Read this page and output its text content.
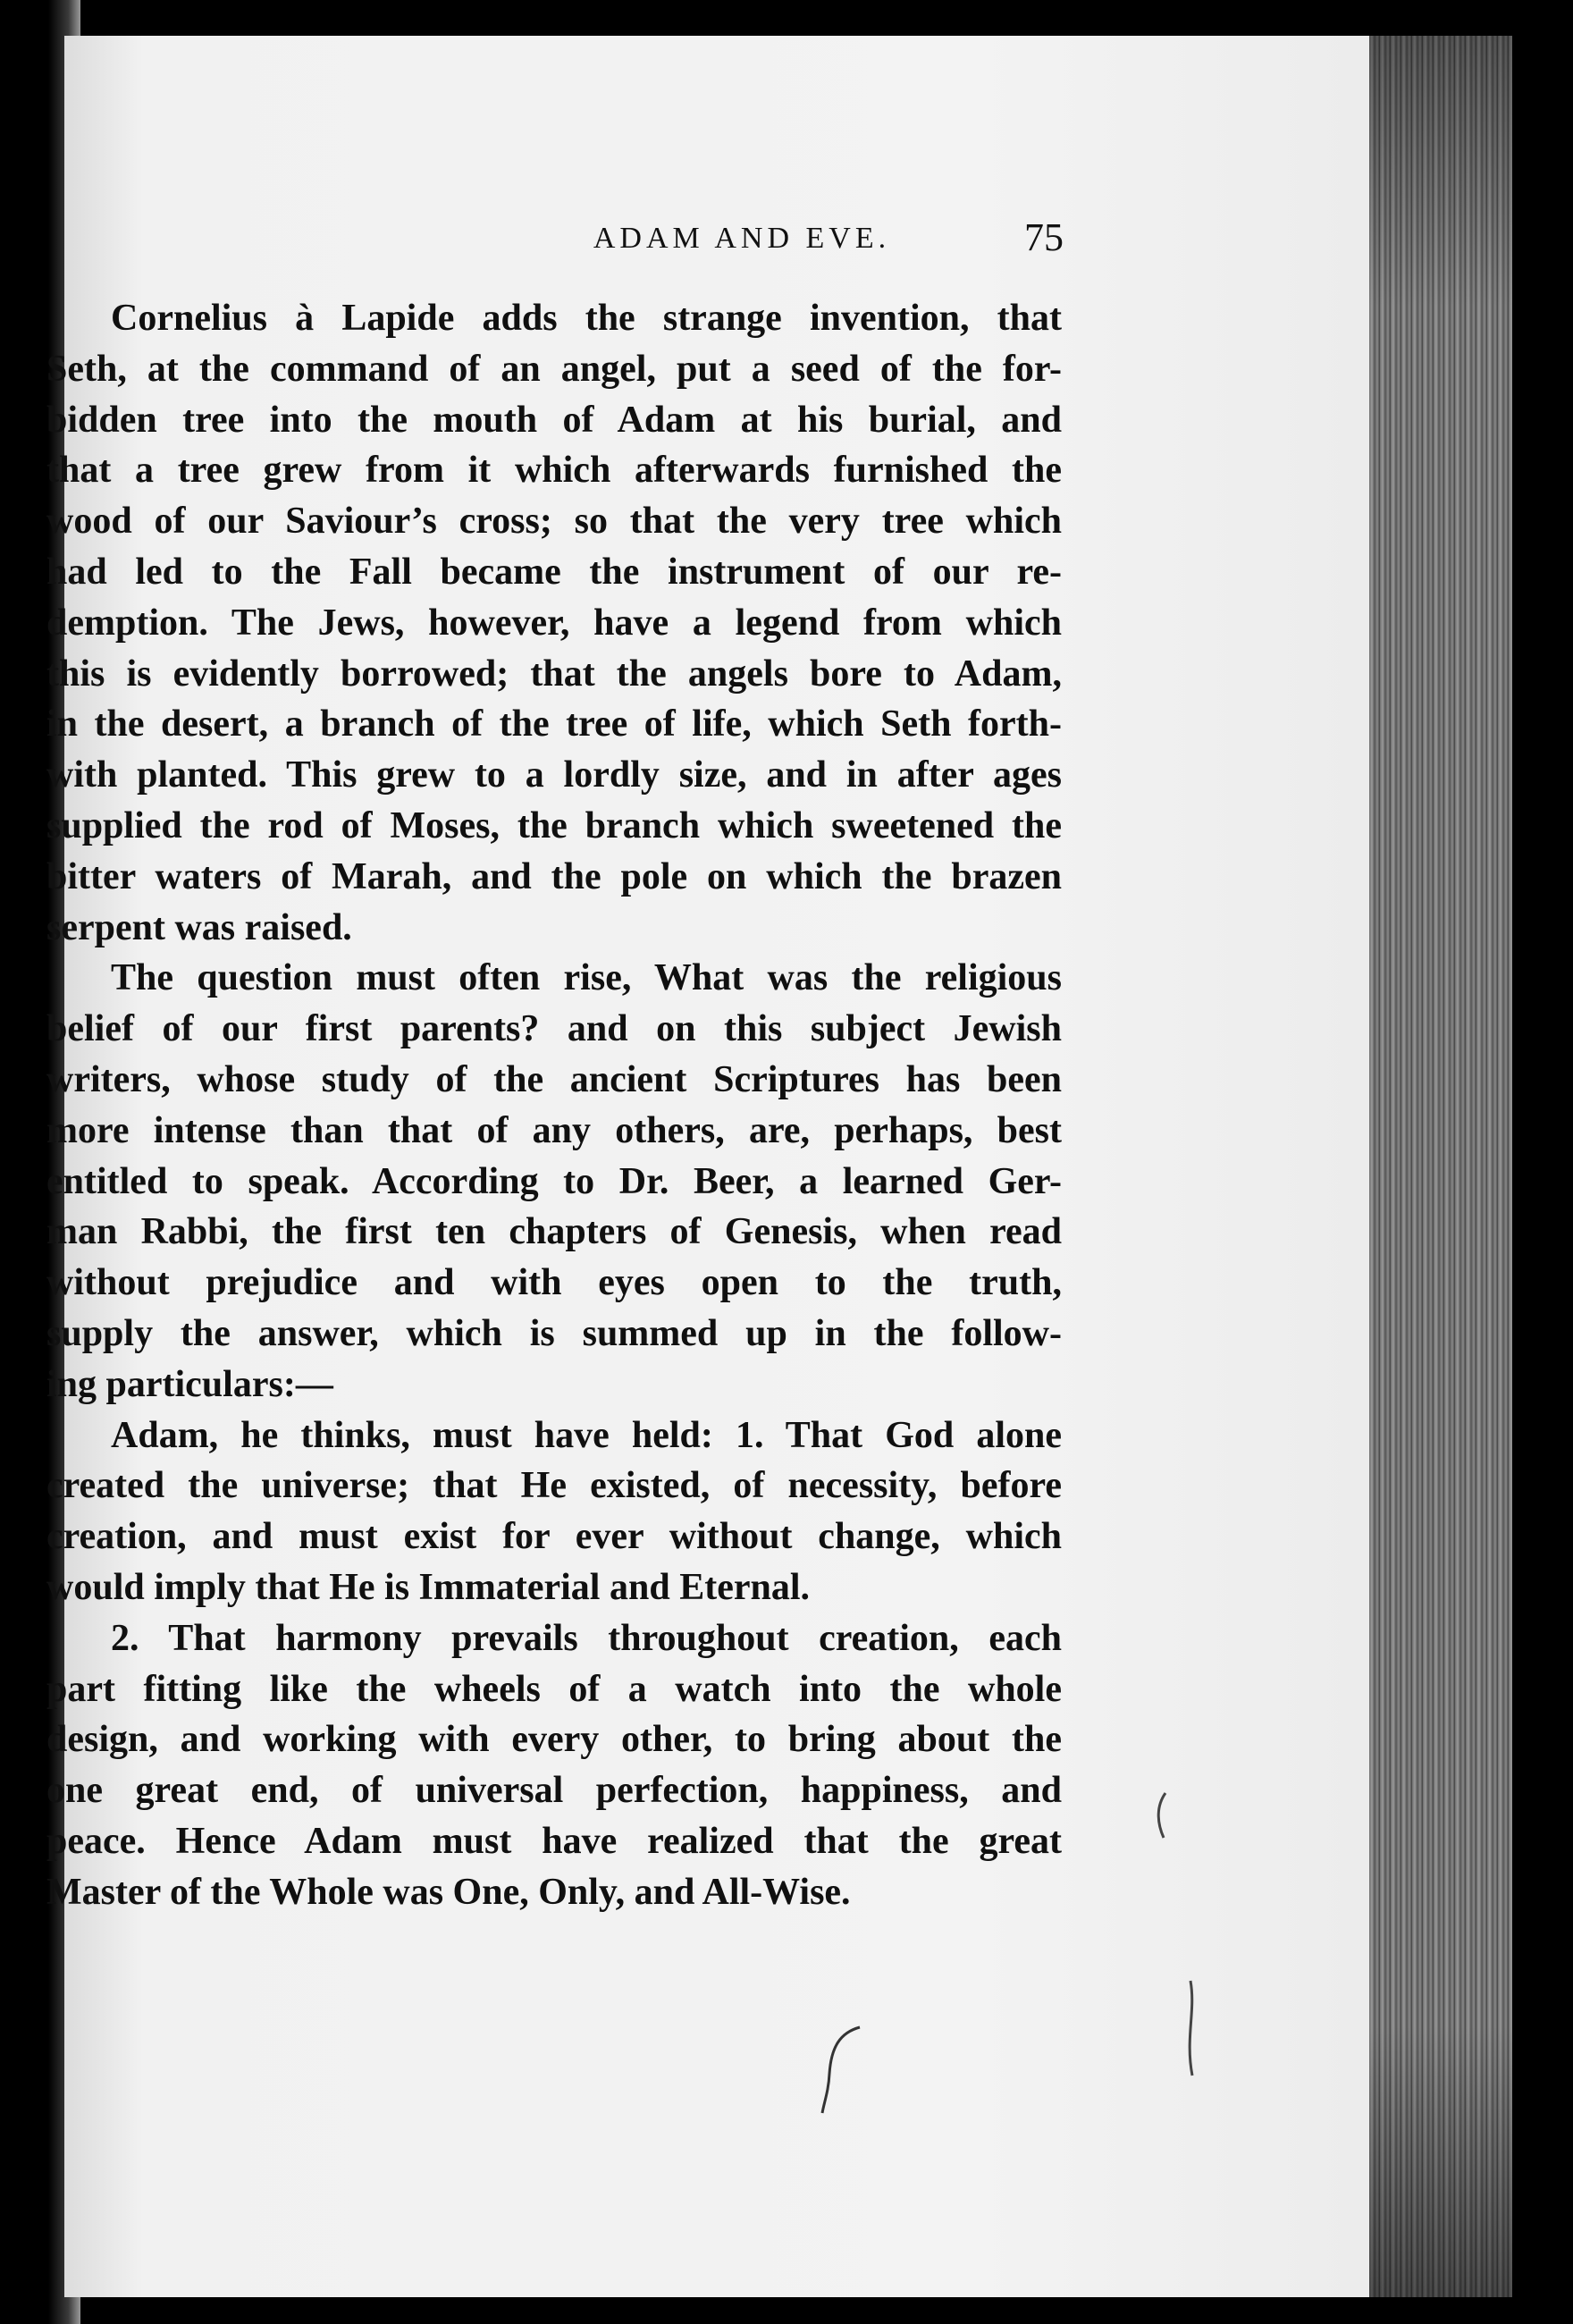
ADAM AND EVE.	75
Cornelius à Lapide adds the strange invention, that
Seth, at the command of an angel, put a seed of the for-
bidden tree into the mouth of Adam at his burial, and
that a tree grew from it which afterwards furnished the
wood of our Saviour’s cross; so that the very tree which
had led to the Fall became the instrument of our re-
demption. The Jews, however, have a legend from which
this is evidently borrowed; that the angels bore to Adam,
in the desert, a branch of the tree of life, which Seth forth-
with planted. This grew to a lordly size, and in after ages
supplied the rod of Moses, the branch which sweetened the
bitter waters of Marah, and the pole on which the brazen
serpent was raised.
The question must often rise, What was the religious
belief of our first parents? and on this subject Jewish
writers, whose study of the ancient Scriptures has been
more intense than that of any others, are, perhaps, best
entitled to speak. According to Dr. Beer, a learned Ger-
man Rabbi, the first ten chapters of Genesis, when read
without prejudice and with eyes open to the truth,
supply the answer, which is summed up in the follow-
ing particulars:—
Adam, he thinks, must have held: 1. That God alone
created the universe; that He existed, of necessity, before
creation, and must exist for ever without change, which
would imply that He is Immaterial and Eternal.
2. That harmony prevails throughout creation, each
part fitting like the wheels of a watch into the whole
design, and working with every other, to bring about the
one great end, of universal perfection, happiness, and
peace. Hence Adam must have realized that the great
Master of the Whole was One, Only, and All-Wise.
